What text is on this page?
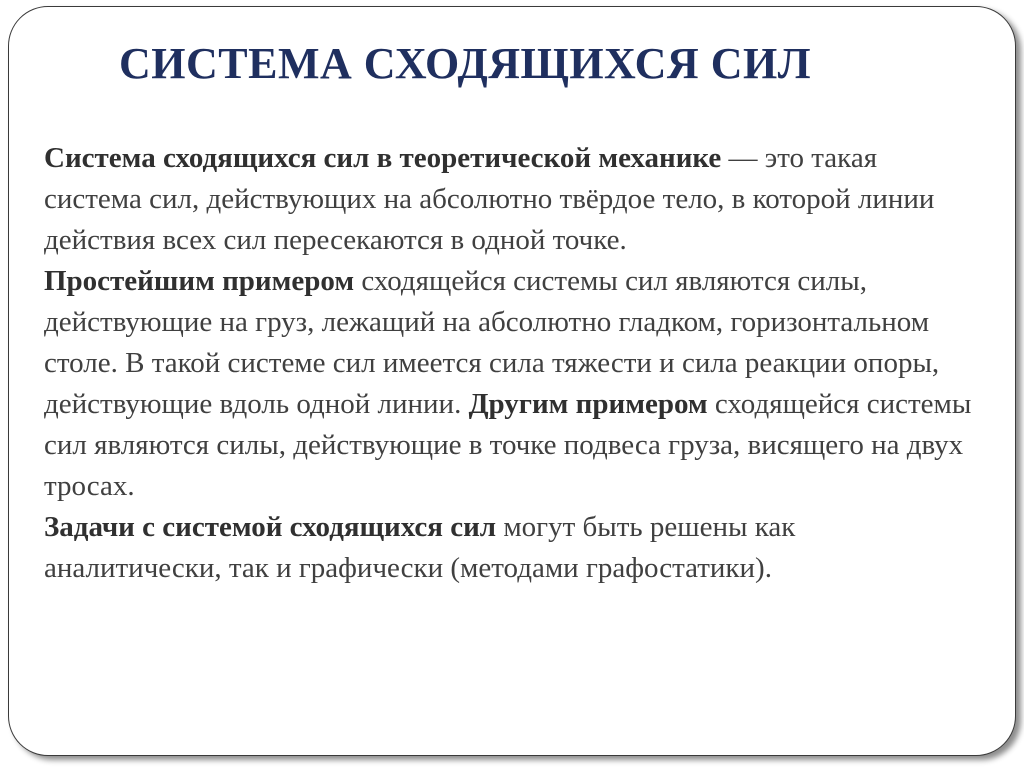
СИСТЕМА СХОДЯЩИХСЯ СИЛ

Система сходящихся сил в теоретической механике — это такая система сил, действующих на абсолютно твёрдое тело, в которой линии действия всех сил пересекаются в одной точке.

Простейшим примером сходящейся системы сил являются силы, действующие на груз, лежащий на абсолютно гладком, горизонтальном столе. В такой системе сил имеется сила тяжести и сила реакции опоры, действующие вдоль одной линии. Другим примером сходящейся системы сил являются силы, действующие в точке подвеса груза, висящего на двух тросах.

Задачи с системой сходящихся сил могут быть решены как аналитически, так и графически (методами графостатики).
